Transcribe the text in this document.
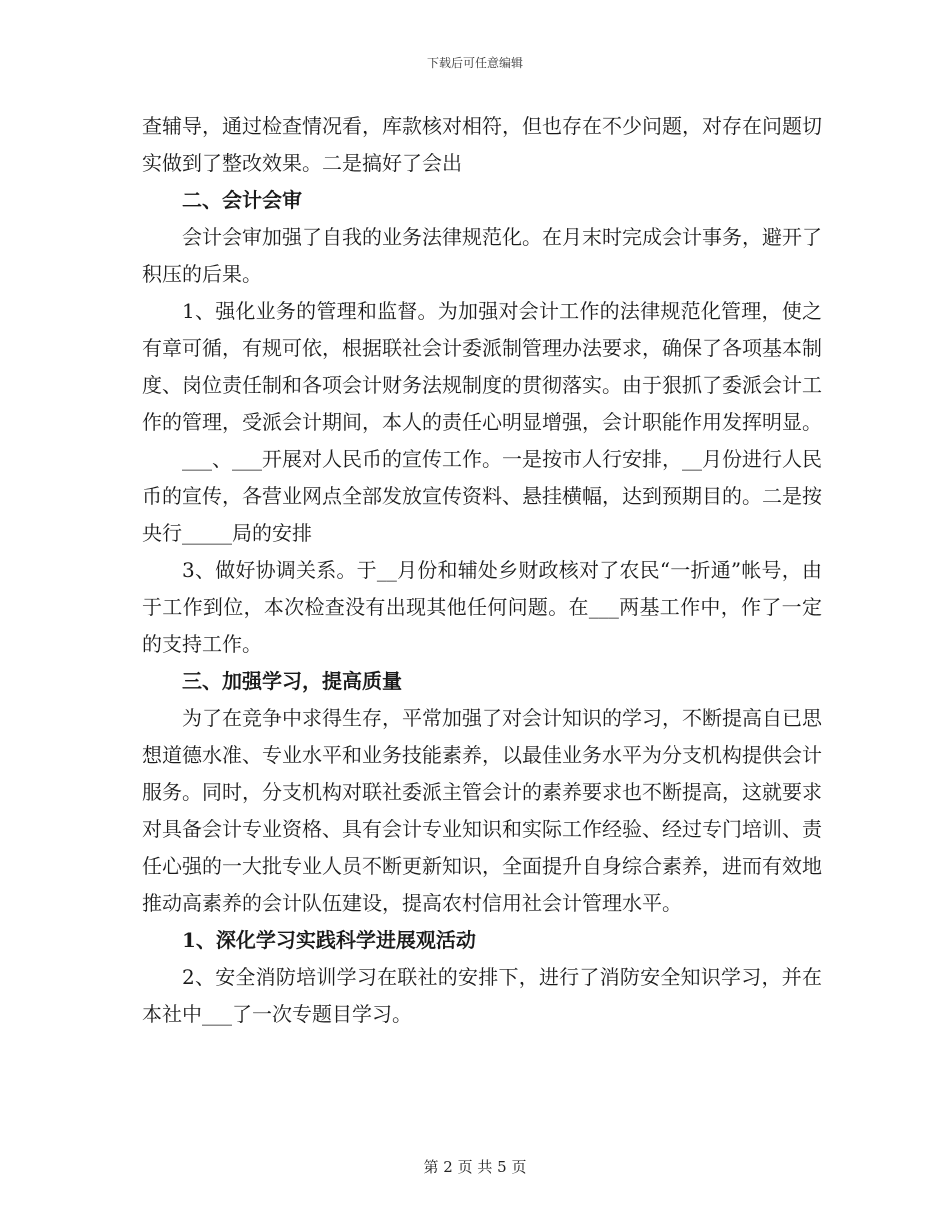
下载后可任意编辑

查辅导，通过检查情况看，库款核对相符，但也存在不少问题，对存在问题切实做到了整改效果。二是搞好了会出

二、会计会审

会计会审加强了自我的业务法律规范化。在月末时完成会计事务，避开了积压的后果。

1、强化业务的管理和监督。为加强对会计工作的法律规范化管理，使之有章可循，有规可依，根据联社会计委派制管理办法要求，确保了各项基本制度、岗位责任制和各项会计财务法规制度的贯彻落实。由于狠抓了委派会计工作的管理，受派会计期间，本人的责任心明显增强，会计职能作用发挥明显。

___、___开展对人民币的宣传工作。一是按市人行安排，__月份进行人民币的宣传，各营业网点全部发放宣传资料、悬挂横幅，达到预期目的。二是按央行_____局的安排

3、做好协调关系。于__月份和辅处乡财政核对了农民“一折通”帐号，由于工作到位，本次检查没有出现其他任何问题。在___两基工作中，作了一定的支持工作。

三、加强学习，提高质量

为了在竞争中求得生存，平常加强了对会计知识的学习，不断提高自已思想道德水准、专业水平和业务技能素养，以最佳业务水平为分支机构提供会计服务。同时，分支机构对联社委派主管会计的素养要求也不断提高，这就要求对具备会计专业资格、具有会计专业知识和实际工作经验、经过专门培训、责任心强的一大批专业人员不断更新知识，全面提升自身综合素养，进而有效地推动高素养的会计队伍建设，提高农村信用社会计管理水平。

1、深化学习实践科学进展观活动

2、安全消防培训学习在联社的安排下，进行了消防安全知识学习，并在本社中___了一次专题目学习。

第 2 页 共 5 页
